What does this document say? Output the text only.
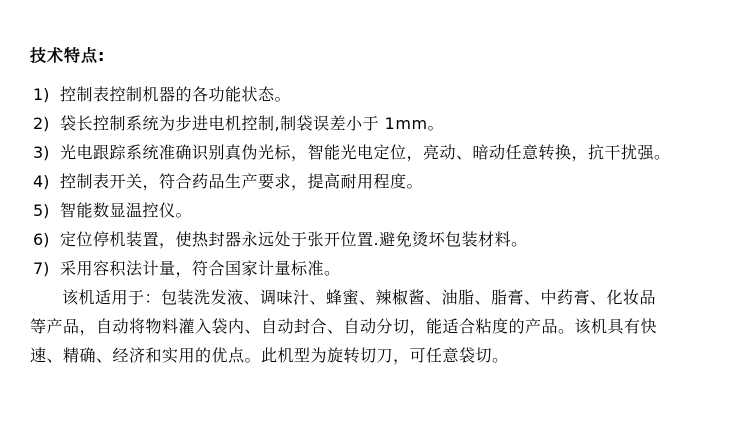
技术特点:
1) 控制表控制机器的各功能状态。
2) 袋长控制系统为步进电机控制,制袋误差小于 1mm。
3) 光电跟踪系统准确识别真伪光标，智能光电定位，亮动、暗动任意转换，抗干扰强。
4) 控制表开关，符合药品生产要求，提高耐用程度。
5) 智能数显温控仪。
6) 定位停机装置，使热封器永远处于张开位置.避免烫坏包装材料。
7) 采用容积法计量，符合国家计量标准。
该机适用于：包装洗发液、调味汁、蜂蜜、辣椒酱、油脂、脂膏、中药膏、化妆品
等产品，自动将物料灌入袋内、自动封合、自动分切，能适合粘度的产品。该机具有快
速、精确、经济和实用的优点。此机型为旋转切刀，可任意袋切。
